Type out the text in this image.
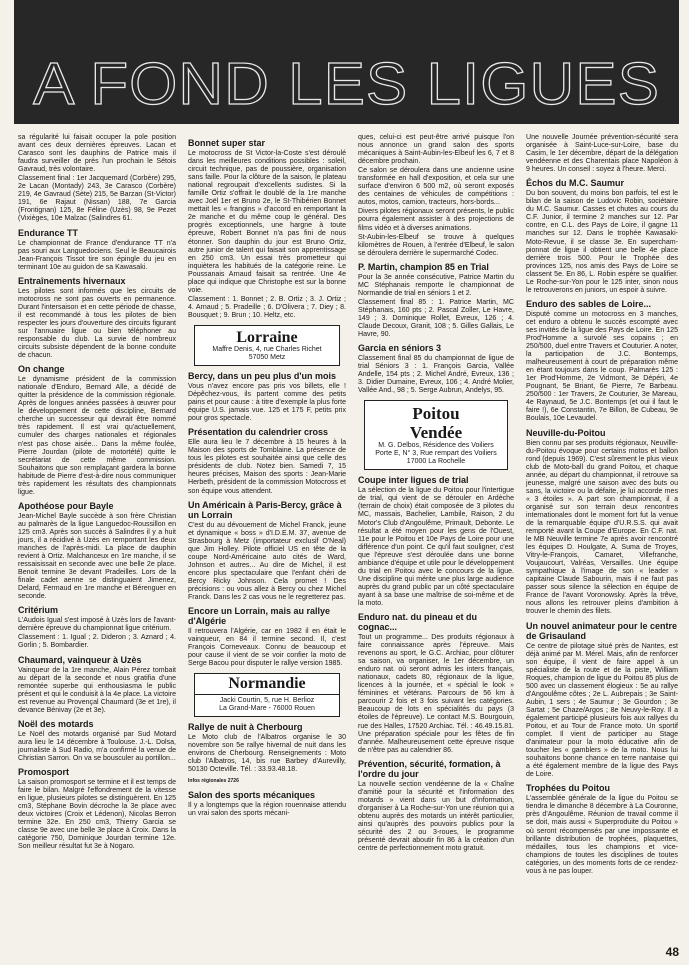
A FOND LES LIGUES

sa régularité lui faisait occuper la pole position avant ces deux dernières épreuves. Lacan et Carasco sont les dauphins de Patrice mais il faudra surveiller de près l'un prochain le Sétois Gavraud, très volontaire.

Classement final : 1er Jacquemard (Corbère) 295, 2e Lacan (Montady) 243, 3e Carasco (Corbère) 219, 4e Gavraud (Sète) 215, 5e Barzan (St-Victor) 191, 6e Rajaut (Nissan) 188, 7e Garcia (Frontignan) 125, 8e Féline (Uzès) 98, 9e Pezet (Vixièges, 10e Malzac (Salindres 61.

Endurance TT

Le championnat de France d'endurance TT n'a pas souri aux Languedociens. Seul le Beaucairois Jean-François Tissot tire son épingle du jeu en terminant 10e au guidon de sa Kawasaki.

Entraînements hivernaux

Les pilotes sont informés que les circuits de motocross ne sont pas ouverts en permanence. Durant l'intersaison et en cette période de chasse, il est recommandé à tous les pilotes de bien respecter les jours d'ouverture des circuits figurant sur l'annuaire ligue ou bien téléphoner au responsable du club. La survie de nombreux circuits subsiste dépendent de la bonne conduite de chacun.

On change

Le dynamisme président de la commission nationale d'Enduro, Bernard Alle, a décidé de quitter la présidence de la commission régionale. Après de longues années passées à œuvrer pour le développement de cette discipline, Bernard cherche un successeur qui devrait être nommé très rapidement. Il est vrai qu'actuellement, cumuler des charges nationales et régionales n'est pas chose aisée... Dans la même foulée, Pierre Jourdan (pilote de motortété) quitte le secrétariat de cette même commission. Souhaitons que son remplaçant gardera la bonne habitude de Pierre d'est-à-dire nous communiquer très rapidement les résultats des championnats ligue.

Apothéose pour Bayle

Jean-Michel Bayle succède à son frère Christian au palmarès de la ligue Languedoc-Roussillon en 125 cm3. Après son succès à Salindres il y a huit jours, il a récidivé à Uzès en remportant les deux manches de l'après-midi. La place de dauphin revient à Ortiz. Malchanceux en 1re manche, il se ressaisissait en seconde avec une belle 2e place. Benoit termine 3e devant Pradeilles. Lors de la finale cadet aenne se distinguaient Jimenez, Delard, Fermaud en 1re manche et Bérenguer en seconde.

Critérium

L'Audois Igual s'est imposé à Uzès lors de l'avant-dernière épreuve du championnat ligue critérium.

Classement : 1. Igual ; 2. Dideron ; 3. Aznard ; 4. Gorlin ; 5. Bombardier.

Chaumard, vainqueur à Uzès

Vainqueur de la 1re manche, Alain Pérez tombait au départ de la seconde et nous gratifia d'une remontée superbe qui enthousiasma le public présent et qui le conduisit à la 4e place. La victoire est revenue au Provençal Chaumard (3e et 1re), il devance Bénivay (2e et 3e).

Noël des motards

Le Noël des motards organisé par Sud Motard aura lieu le 14 décembre à Toulouse. J.-L. Dolsa, journaliste à Sud Radio, m'a confirmé la venue de Christian Sarron. On va se bousculer au portillon...

Promosport

La saison promosport se termine et il est temps de faire le bilan. Malgré l'effondrement de la vitesse en ligue, plusieurs pilotes se distinguèrent. En 125 cm3, Stéphane Bovin décroche la 3e place avec deux victoires (Croix et Lédenon), Nicolas Berron termine 32e. En 250 cm3, Thierry Garcia se classe 9e avec une belle 3e place à Croix. Dans la catégorie 750, Dominique Jourdan termine 12e. Son meilleur résultat fut 3e à Nogaro.

Bonnet super star

Le motocross de St Victor-la-Coste s'est déroulé dans les meilleures conditions possibles : soleil, circuit technique, pas de poussière, organisation sans faille. Pour la clôture de la saison, le plateau national regroupait d'excellents sudistes. Si la famille Ortiz s'offrait le doublé de la 1re manche avec Joël 1er et Bruno 2e, le St-Thibérien Bonnet mettait les « frangins » d'accord en remportant la 2e manche et du même coup le général. Des progrès exceptionnels, une hargne à toute épreuve, Robert Bonnet n'a pas fini de nous étonner. Son dauphin du jour est Bruno Ortiz, autre junior de talent qui faisait son apprentissage en 250 cm3. Un essai très prometteur qui inquiètera les habitués de la catégorie reine. Le Poussanais Arnaud faisait sa rentrée. Une 4e place qui indique que Christophe est sur la bonne voie.

Classement : 1. Bonnet ; 2. B. Ortiz ; 3. J. Ortiz ; 4. Arnaud ; 5. Pradeille ; 6. D'Olivera ; 7. Diey ; 8. Bousquet ; 9. Brun ; 10. Heltz, etc.

Lorraine
Maffre Denis, 4, rue Charles Richet
57050 Metz
Bercy, dans un peu plus d'un mois

Vous n'avez encore pas pris vos billets, elle ! Dépêchez-vous, ils partent comme des petits pains et pour cause : à titre d'exemple la plus forte équipe U.S. jamais vue. 125 et 175 F, petits prix pour gros spectacle.

Présentation du calendrier cross

Elle aura lieu le 7 décembre à 15 heures à la Maison des sports de Tomblaine. La présence de tous les pilotes est souhaitée ainsi que celle des présidents de club. Notez bien. Samedi 7, 15 heures précises, Maison des sports : Jean-Marie Herbeth, président de la commission Motocross et son équipe vous attendent.

Un Américain à Paris-Bercy, grâce à un Lorrain

C'est du au dévouement de Michel Franck, jeune et dynamique « boss » d'I.D.E.M. 37, avenue de Strasbourg à Metz (importateur exclusif O'Neal) que Jim Holley. Pilote officiel US en tête de la coupe Nord-Américaine auto cités de Ward, Johnson et autres... Au dire de Michel, il est encore plus spectaculaire que l'enfant chéri de Bercy Ricky Johnson. Cela promet ! Des précisions : ou vous allez à Bercy ou chez Michel Franck. Dans les 2 cas vous ne le regretterez pas.

Encore un Lorrain, mais au rallye d'Algérie

Il retrouvera l'Algérie, car en 1982 il en était le vainqueur, en 84 il termine second. Il, c'est François Corneveaux. Connu de beaucoup et pour cause il vient de se voir confier la moto de Serge Bacou pour disputer le rallye version 1985.

Normandie
Jacki Courtin, 5, rue H. Berlioz
La Grand-Mare - 76000 Rouen
Rallye de nuit à Cherbourg

Le Moto club de l'Albatros organise le 30 novembre son 5e rallye hivernal de nuit dans les environs de Cherbourg. Renseignements : Moto club l'Albatros, 14, bis rue Barbey d'Aurevilly, 50130 Octeville. Tél. : 33.93.48.18.

Infos régionales 2726
Salon des sports mécaniques

Il y a longtemps que la région rouennaise attendu un vrai salon des sports mécani-

ques, celui-ci est peut-être arrivé puisque l'on nous annonce un grand salon des sports mécaniques à Saint-Aubin-les-Elbeuf les 6, 7 et 8 décembre prochain.

Ce salon se déroulera dans une ancienne usine transformée en hall d'exposition, et cela sur une surface d'environ 6 500 m2, où seront exposés des centaines de véhicules de compétitions : autos, motos, camion, tracteurs, hors-bords...

Divers pilotes régionaux seront présents, le public pourra également assister à des projections de films vidéo et à diverses animations.

St-Aubin-les-Elbeuf se trouve à quelques kilomètres de Rouen, à l'entrée d'Elbeuf, le salon se déroulera derrière le supermarché Codec.

P. Martin, champion 85 en Trial

Pour la 3e année consécutive, Patrice Martin du MC Stéphanais remporte le championnat de Normandie de trial en séniors 1 et 2.

Classement final 85 : 1. Patrice Martin, MC Stéphanais, 160 pts ; 2. Pascal Zoller, Le Havre, 149 ; 3. Dominique Rollet, Evreux, 126 ; 4. Claude Decoux, Granit, 108 ; 5. Gilles Gallais, Le Havre, 90.

Garcia en séniors 3

Classement final 85 du championnat de ligue de trial Séniors 3 : 1. François Garcia, Vallée Andelle, 154 pts ; 2. Michel André, Evreux, 136 ; 3. Didier Dumaine, Evreux, 106 ; 4. André Molier, Vallée And., 98 ; 5. Serge Aubrun, Andelys, 95.

Poitou
Vendée
M. G. Delbos, Résidence des Voiliers
Porte E, N° 3, Rue rempart des Voiliers
17000 La Rochelle
Coupe inter ligues de trial

La sélection de la ligue du Poitou pour l'intertigue de trial, qui vient de se dérouler en Ardèche (terrain de choix) était composée de 3 pilotes du MC, massais, Bachelier, Lambile, Raison, 2 du Motor's Club d'Angoulême, Primault, Debonte. Le résultat a été moyen pour les gens de l'Ouest, 11e pour le Poitou et 10e Pays de Loire pour une différence d'un point. Ce qu'il faut souligner, c'est que l'épreuve s'est déroulée dans une bonne ambiance d'équipe et utile pour le développement du trial en Poitou avec le concours de la ligue. Une discipline qui mérite une plus large audience auprès du grand public par un côté spectaculaire ayant à sa base une maîtrise de soi-même et de la moto.

Enduro nat. du pineau et du cognac...

Tout un programme... Des produits régionaux à faire connaissance après l'épreuve. Mais revenons au sport, le G.C. Archiac, pour clôturer sa saison, va organiser, le 1er décembre, un enduro nat. où seront admis les inters français, nationaux, cadets 80, régionaux de la ligue, licences à la journée, et « spécial le look » féminines et vétérans. Parcours de 56 km à parcourir 2 fois et 3 fois suivant les catégories. Beaucoup de lots en spécialités du pays (3 étoiles de l'épreuve). Le contact M.S. Bourgouin, rue des Halles, 17520 Archiac. Tél. : 46.49.15.81. Une préparation spéciale pour les fêtes de fin d'année. Malheureusement cette épreuve risque de n'être pas au calendrier 86.

Prévention, sécurité, formation, à l'ordre du jour

La nouvelle section vendéenne de la « Chaîne d'amitié pour la sécurité et l'information des motards » vient dans un but d'information, d'organiser à La Roche-sur-Yon une réunion qui a obtenu auprès des motards un intérêt particulier, ainsi qu'auprès des pouvoirs publics pour la sécurité des 2 ou 3-roues, le programme présenté devrait aboutir fin 86 à la création d'un centre de perfectionnement moto gratuit.

Une nouvelle Journée prévention-sécurité sera organisée à Saint-Luce-sur-Loire, base du Casim, le 1er décembre, départ de la délégation vendéenne et des Charentais place Napoléon à 9 heures. Un conseil : soyez à l'heure. Merci.

Échos du M.C. Saumur

Du bon souvent, du moins bon parfois, tel est le bilan de la saison de Ludovic Robin, sociétaire du M.C. Saumur. Casses et chutes au cours du C.F. Junior, il termine 2 manches sur 12. Par contre, en C.L. des Pays de Loire, il gagne 11 manches sur 12. Dans le trophée Kawasaki-Moto-Revue, il se classe 3e. En superchampionnat de ligue il obtient une belle 4e place derrière trois 500. Pour le Trophée des provinces 125, nos amis des Pays de Loire se classent 5e. En 86, L. Robin espère se qualifier. Le Roche-sur-Yon pour le 125 inter, sinon nous le retrouverons en juniors, un espoir à suivre.

Enduro des sables de Loire...

Disputé comme un motocross en 3 manches, cet enduro a obtenu le succès escompté avec ses invités de la ligue des Pays de Loire. En 125 Prod'Homme a survolé ses copains ; en 250/500, duel entre Travers et Couturier. A noter, la participation de J.C. Bontemps, malheureusement à court de préparation même en étant toujours dans le coup. Palmarès 125 : 1er Prod'Homme, 2e Vidmont, 3e Dépéri, 4e Pougnant, 5e Briant, 6e Pierre, 7e Barbeau. 250/500 : 1er Travers, 2e Couturier, 3e Mareau, 4e Raynaud, 5e J.C. Bontemps (et oui il faut le faire !), 6e Constantin, 7e Billon, 8e Cubeau, 9e Boulais, 10e Levaudel.

Neuville-du-Poitou

Bien connu par ses produits régionaux, Neuville-du-Poitou évoque pour certains motos et ballon rond (depuis 1969). C'est sûrement le plus vieux club de Moto-ball du grand Poitou, et chaque année, au départ du championnat, il retrouve sa jeunesse, malgré une saison avec des buts ou sans, la victoire ou la défaite, je lui accorde mes « 3 étoiles ». A part son championnat, il a organisé sur son terrain deux rencontres internationales dont le moment fort fut la venue de la remarquable équipe d'U.R.S.S. qui avait remporté avant la Coupe d'Europe. En C.F. nat. le MB Neuville termine 7e après avoir rencontré les équipes D. Houlgate, A. Suma de Troyes, Vitry-le-François, Camaret, Villefranche, Voujaucourt, Valréas, Versailles. Une équipe sympathique à l'image de son « leader » capitaine Claude Sabourin, mais il ne faut pas passer sous silence la sélection en équipe de France de l'avant Voronowsky. Après la trêve, nous allons les retrouver pleins d'ambition à trouver le chemin des filets.

Un nouvel animateur pour le centre de Grisauland

Ce centre de pilotage situé près de Nantes, est déjà animé par M. Mérel. Mais, afin de renforcer son équipe, il vient de faire appel à un spécialiste de la route et de la piste, William Roques, champion de ligue du Poitou 85 plus de 500 avec un classement élogieux : 5e au rallye d'Angoulême côtes ; 2e L. Aubrepais ; 3e Saint-Aubin, 1 sers ; 4e Saumur ; 3e Gourdon ; 3e Sartat ; 5e Chaze/Argos ; 8e Neuvy-le-Roy. Il a également participé plusieurs fois aux rallyes du Poitou, et au Tour de France moto. Un sportif complet. Il vient de participer au Stage d'animateur pour la moto éducative afin de toucher les « gamblers » de la moto. Nous lui souhaitons bonne chance en terre nantaise qui a été également membre de la ligue des Pays de Loire.

Trophées du Poitou

L'assemblée générale de la ligue du Poitou se tiendra le dimanche 8 décembre à La Couronne, près d'Angoulême. Réunion de travail comme il se doit, mais aussi « Superproduite du Poitou » où seront récompensés par une impossante et brillante distribution de trophées, plaquettes, médailles, tous les champions et vice-champions de toutes les disciplines de toutes catégories, un des moments forts de ce rendez-vous à ne pas louper.

48
